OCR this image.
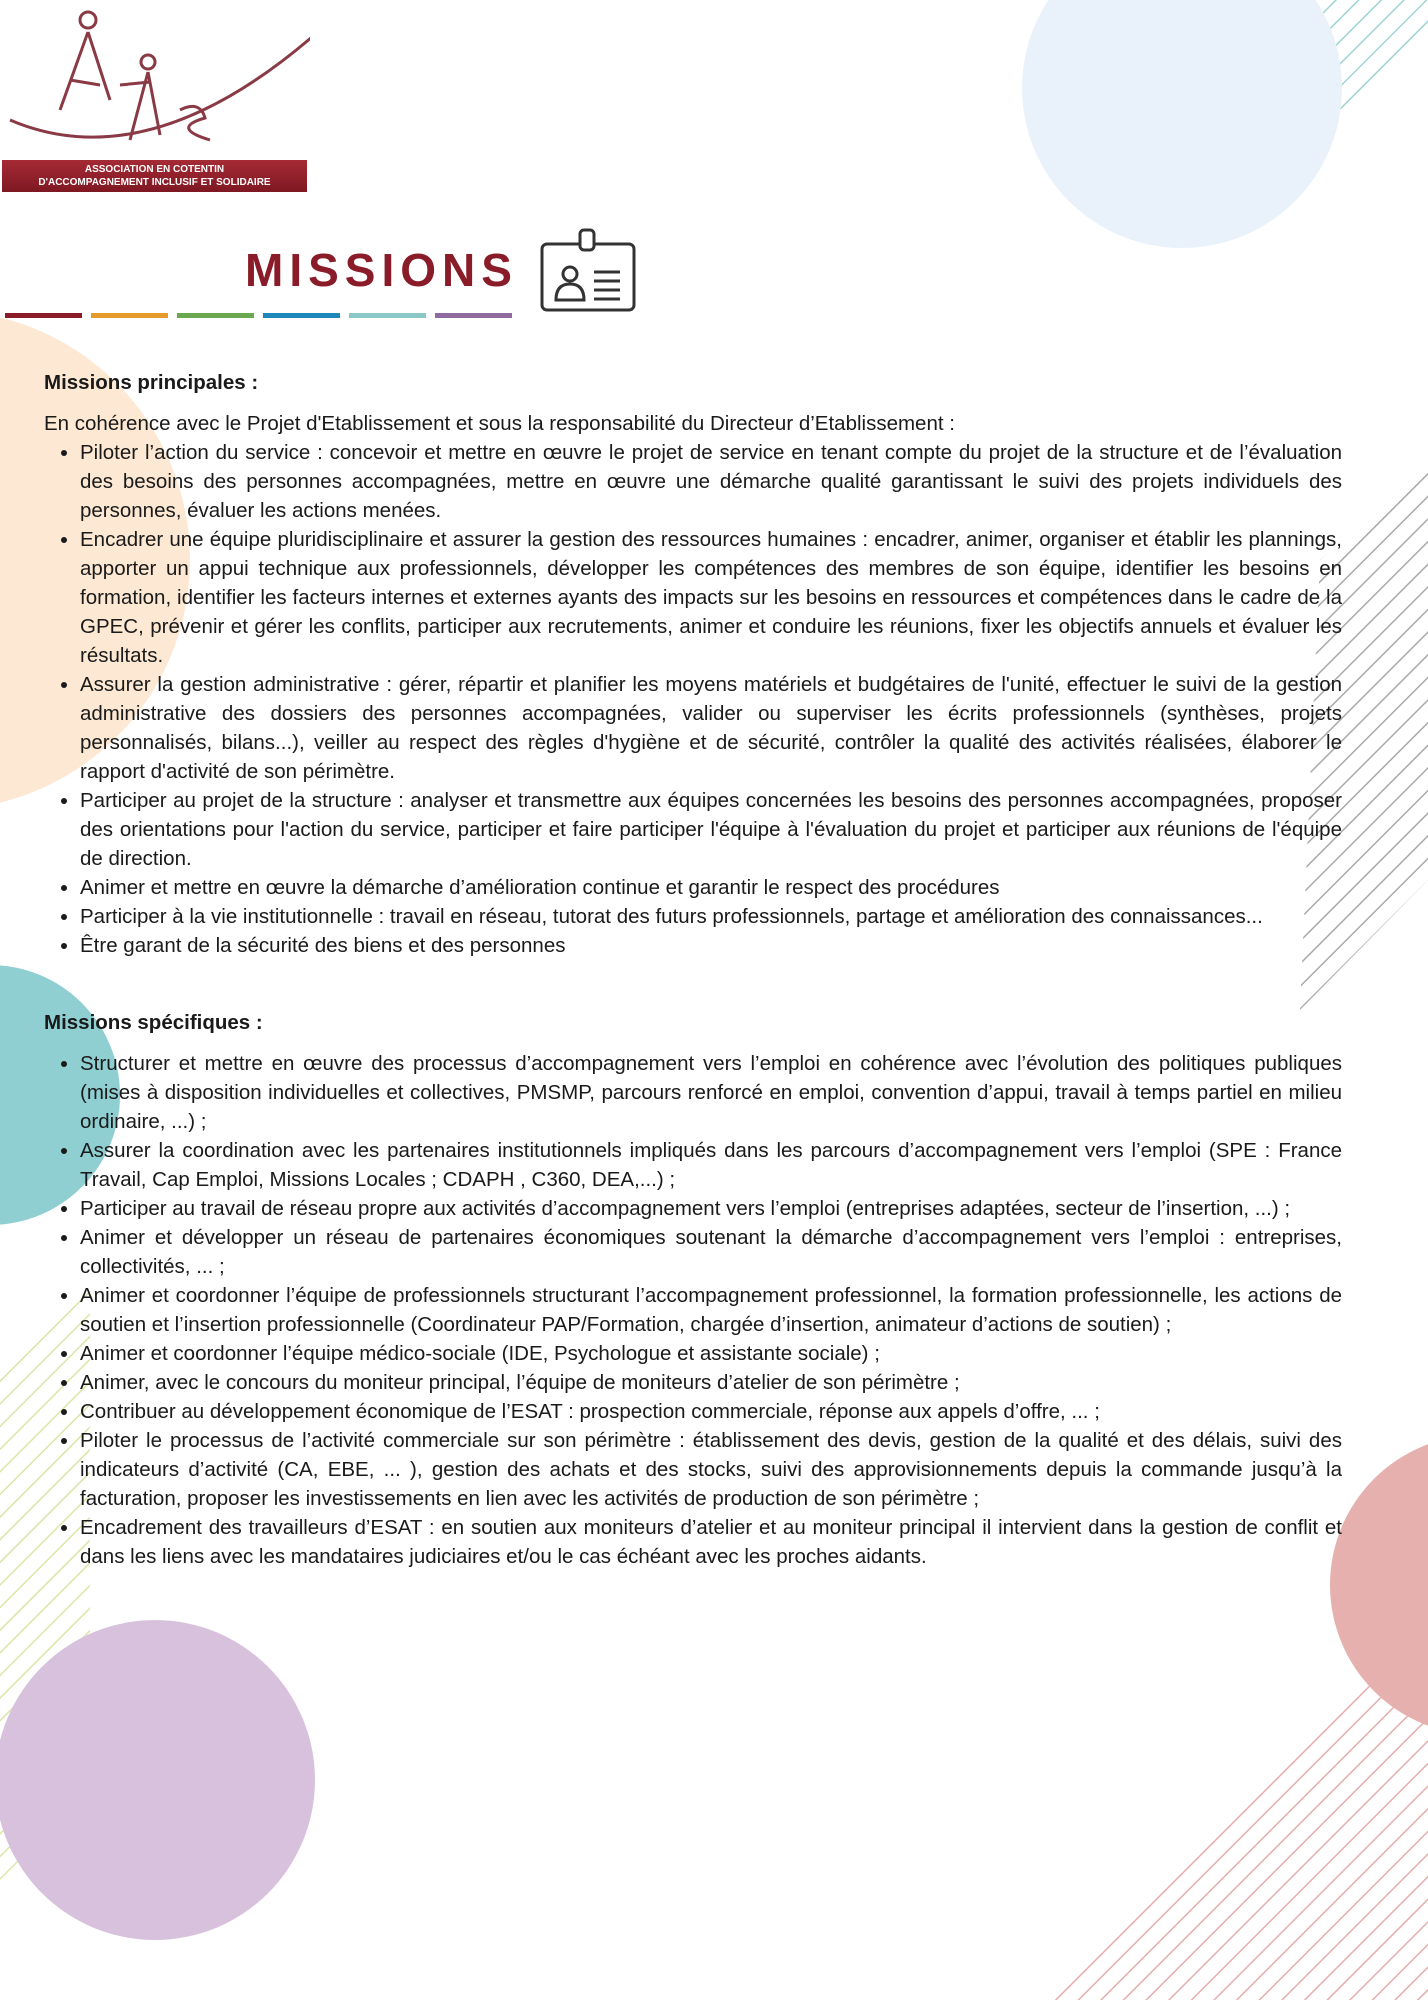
ASSOCIATION EN COTENTIN
D'ACCOMPAGNEMENT INCLUSIF ET SOLIDAIRE
MISSIONS
Missions principales :

En cohérence avec le Projet d'Etablissement et sous la responsabilité du Directeur d’Etablissement :

• Piloter l’action du service : concevoir et mettre en œuvre le projet de service en tenant compte du projet de la structure et de l’évaluation des besoins des personnes accompagnées, mettre en œuvre une démarche qualité garantissant le suivi des projets individuels des personnes, évaluer les actions menées.
• Encadrer une équipe pluridisciplinaire et assurer la gestion des ressources humaines : encadrer, animer, organiser et établir les plannings, apporter un appui technique aux professionnels, développer les compétences des membres de son équipe, identifier les besoins en formation, identifier les facteurs internes et externes ayants des impacts sur les besoins en ressources et compétences dans le cadre de la GPEC, prévenir et gérer les conflits, participer aux recrutements, animer et conduire les réunions, fixer les objectifs annuels et évaluer les résultats.
• Assurer la gestion administrative : gérer, répartir et planifier les moyens matériels et budgétaires de l'unité, effectuer le suivi de la gestion administrative des dossiers des personnes accompagnées, valider ou superviser les écrits professionnels (synthèses, projets personnalisés, bilans...), veiller au respect des règles d'hygiène et de sécurité, contrôler la qualité des activités réalisées, élaborer le rapport d'activité de son périmètre.
• Participer au projet de la structure : analyser et transmettre aux équipes concernées les besoins des personnes accompagnées, proposer des orientations pour l'action du service, participer et faire participer l'équipe à l'évaluation du projet et participer aux réunions de l'équipe de direction.
• Animer et mettre en œuvre la démarche d’amélioration continue et garantir le respect des procédures
• Participer à la vie institutionnelle : travail en réseau, tutorat des futurs professionnels, partage et amélioration des connaissances...
• Être garant de la sécurité des biens et des personnes
Missions spécifiques :
• Structurer et mettre en œuvre des processus d’accompagnement vers l’emploi en cohérence avec l’évolution des politiques publiques (mises à disposition individuelles et collectives, PMSMP, parcours renforcé en emploi, convention d’appui, travail à temps partiel en milieu ordinaire, ...) ;
• Assurer la coordination avec les partenaires institutionnels impliqués dans les parcours d’accompagnement vers l’emploi (SPE : France Travail, Cap Emploi, Missions Locales ; CDAPH , C360, DEA,...) ;
• Participer au travail de réseau propre aux activités d’accompagnement vers l’emploi (entreprises adaptées, secteur de l’insertion, ...) ;
• Animer et développer un réseau de partenaires économiques soutenant la démarche d’accompagnement vers l’emploi : entreprises, collectivités, ... ;
• Animer et coordonner l’équipe de professionnels structurant l’accompagnement professionnel, la formation professionnelle, les actions de soutien et l’insertion professionnelle (Coordinateur PAP/Formation, chargée d’insertion, animateur d’actions de soutien) ;
• Animer et coordonner l’équipe médico-sociale (IDE, Psychologue et assistante sociale) ;
• Animer, avec le concours du moniteur principal, l’équipe de moniteurs d’atelier de son périmètre ;
• Contribuer au développement économique de l’ESAT : prospection commerciale, réponse aux appels d’offre, ... ;
• Piloter le processus de l’activité commerciale sur son périmètre : établissement des devis, gestion de la qualité et des délais, suivi des indicateurs d’activité (CA, EBE, ... ), gestion des achats et des stocks, suivi des approvisionnements depuis la commande jusqu’à la facturation, proposer les investissements en lien avec les activités de production de son périmètre ;
• Encadrement des travailleurs d’ESAT : en soutien aux moniteurs d’atelier et au moniteur principal il intervient dans la gestion de conflit et dans les liens avec les mandataires judiciaires et/ou le cas échéant avec les proches aidants.
